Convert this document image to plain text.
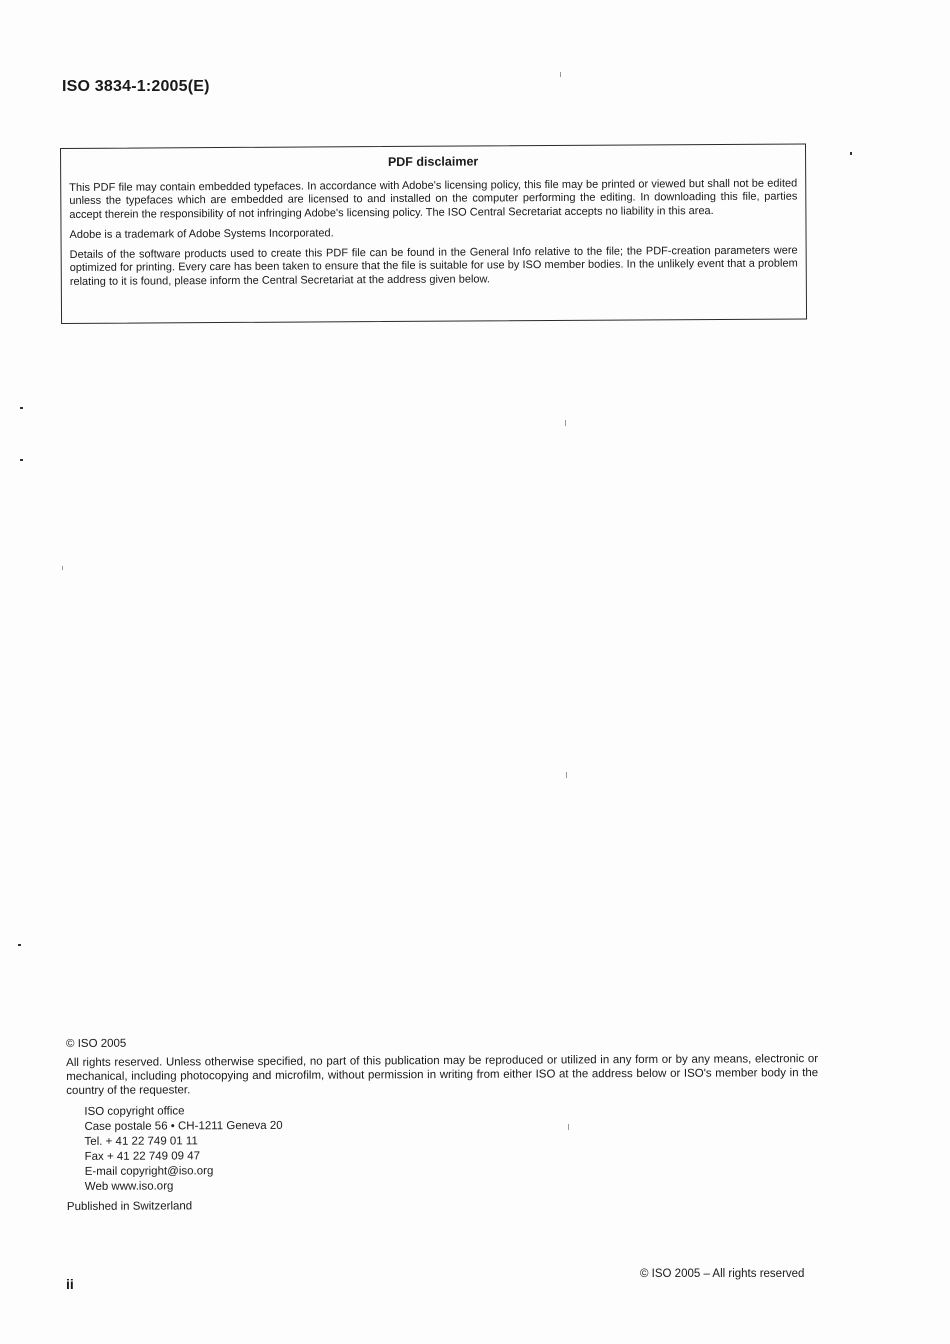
ISO 3834-1:2005(E)
PDF disclaimer

This PDF file may contain embedded typefaces. In accordance with Adobe's licensing policy, this file may be printed or viewed but shall not be edited unless the typefaces which are embedded are licensed to and installed on the computer performing the editing. In downloading this file, parties accept therein the responsibility of not infringing Adobe's licensing policy. The ISO Central Secretariat accepts no liability in this area.

Adobe is a trademark of Adobe Systems Incorporated.

Details of the software products used to create this PDF file can be found in the General Info relative to the file; the PDF-creation parameters were optimized for printing. Every care has been taken to ensure that the file is suitable for use by ISO member bodies. In the unlikely event that a problem relating to it is found, please inform the Central Secretariat at the address given below.

© ISO 2005

All rights reserved. Unless otherwise specified, no part of this publication may be reproduced or utilized in any form or by any means, electronic or mechanical, including photocopying and microfilm, without permission in writing from either ISO at the address below or ISO's member body in the country of the requester.

ISO copyright office
Case postale 56 • CH-1211 Geneva 20
Tel. + 41 22 749 01 11
Fax + 41 22 749 09 47
E-mail copyright@iso.org
Web www.iso.org
Published in Switzerland
ii
© ISO 2005 – All rights reserved
